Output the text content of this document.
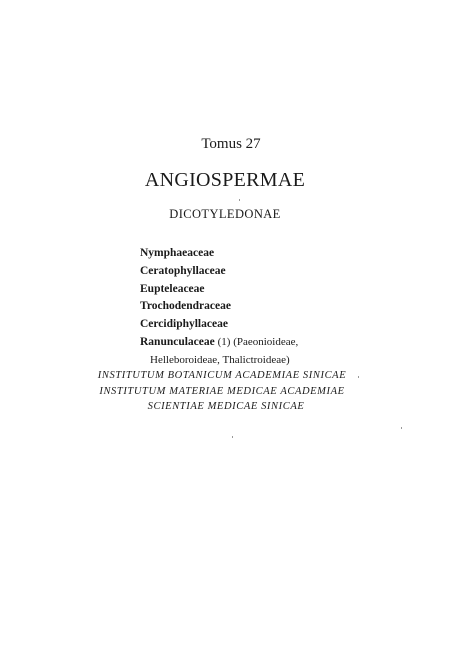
Tomus 27
ANGIOSPERMAE
DICOTYLEDONAE
Nymphaeaceae
Ceratophyllaceae
Eupteleaceae
Trochodendraceae
Cercidiphyllaceae
Ranunculaceae (1) (Paeonioideae,
Helleboroideae, Thalictroideae)
INSTITUTUM BOTANICUM ACADEMIAE SINICAE
INSTITUTUM MATERIAE MEDICAE ACADEMIAE
SCIENTIAE MEDICAE SINICAE
